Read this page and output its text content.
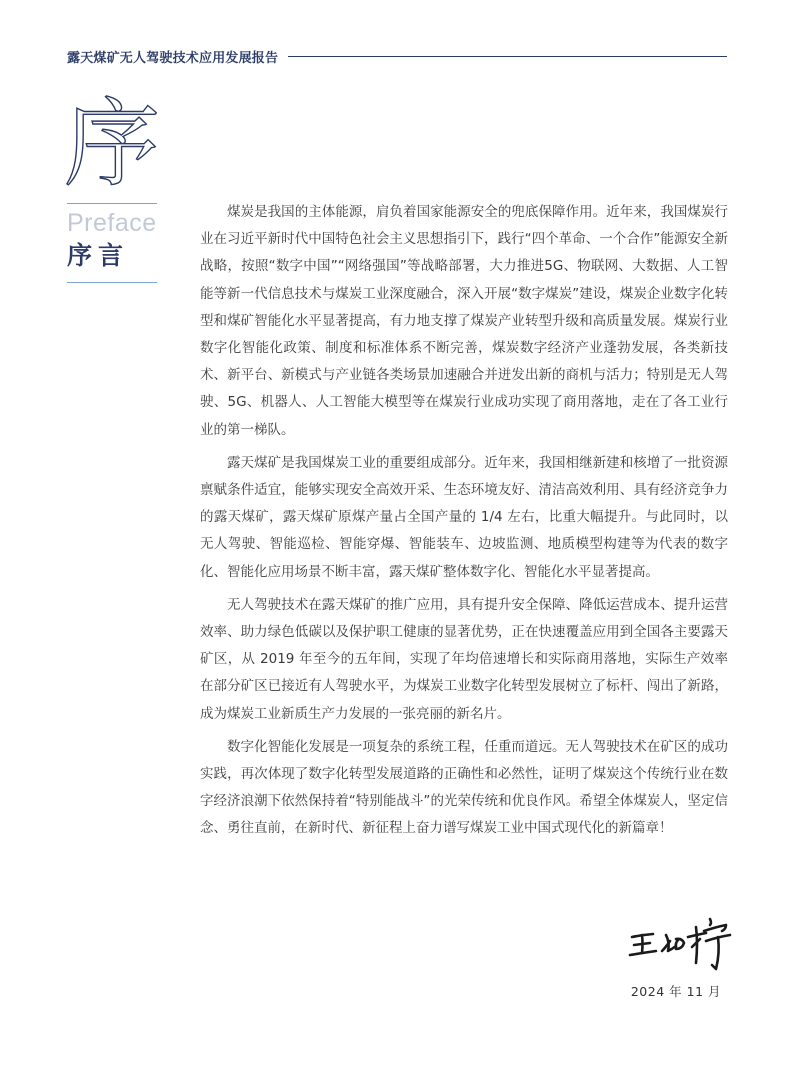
露天煤矿无人驾驶技术应用发展报告
序
Preface
序言

煤炭是我国的主体能源，肩负着国家能源安全的兜底保障作用。近年来，我国煤炭行业在习近平新时代中国特色社会主义思想指引下，践行“四个革命、一个合作”能源安全新战略，按照“数字中国”“网络强国”等战略部署，大力推进5G、物联网、大数据、人工智能等新一代信息技术与煤炭工业深度融合，深入开展“数字煤炭”建设，煤炭企业数字化转型和煤矿智能化水平显著提高，有力地支撑了煤炭产业转型升级和高质量发展。煤炭行业数字化智能化政策、制度和标准体系不断完善，煤炭数字经济产业蓬勃发展，各类新技术、新平台、新模式与产业链各类场景加速融合并迸发出新的商机与活力；特别是无人驾驶、5G、机器人、人工智能大模型等在煤炭行业成功实现了商用落地，走在了各工业行业的第一梯队。

露天煤矿是我国煤炭工业的重要组成部分。近年来，我国相继新建和核增了一批资源禀赋条件适宜，能够实现安全高效开采、生态环境友好、清洁高效利用、具有经济竞争力的露天煤矿，露天煤矿原煤产量占全国产量的 1/4 左右，比重大幅提升。与此同时，以无人驾驶、智能巡检、智能穿爆、智能装车、边坡监测、地质模型构建等为代表的数字化、智能化应用场景不断丰富，露天煤矿整体数字化、智能化水平显著提高。

无人驾驶技术在露天煤矿的推广应用，具有提升安全保障、降低运营成本、提升运营效率、助力绿色低碳以及保护职工健康的显著优势，正在快速覆盖应用到全国各主要露天矿区，从 2019 年至今的五年间，实现了年均倍速增长和实际商用落地，实际生产效率在部分矿区已接近有人驾驶水平，为煤炭工业数字化转型发展树立了标杆、闯出了新路，成为煤炭工业新质生产力发展的一张亮丽的新名片。

数字化智能化发展是一项复杂的系统工程，任重而道远。无人驾驶技术在矿区的成功实践，再次体现了数字化转型发展道路的正确性和必然性，证明了煤炭这个传统行业在数字经济浪潮下依然保持着“特别能战斗”的光荣传统和优良作风。希望全体煤炭人，坚定信念、勇往直前，在新时代、新征程上奋力谱写煤炭工业中国式现代化的新篇章！

2024 年 11 月
